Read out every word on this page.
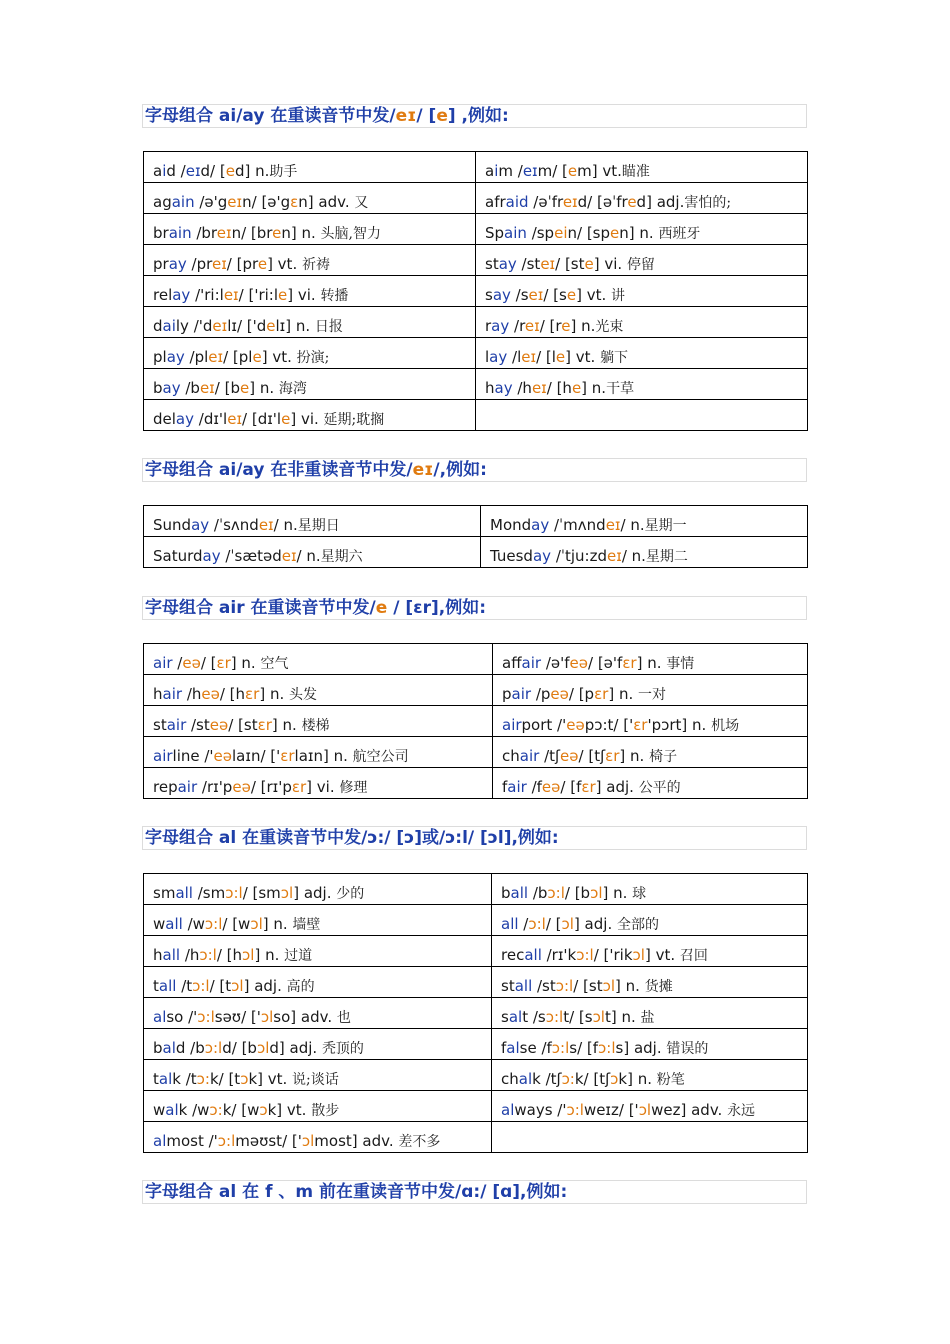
字母组合 ai/ay 在重读音节中发/eɪ/ [e] ,例如:
aid /eɪd/ [ed] n.助手	aim /eɪm/ [em] vt.瞄准
again /ə'geɪn/ [ə'gɛn] adv. 又	afraid /əˈfreɪd/ [əˈfred] adj.害怕的;
brain /breɪn/ [bren] n. 头脑,智力	Spain /spein/ [spen] n. 西班牙
pray /preɪ/ [pre] vt. 祈祷	stay /steɪ/ [ste] vi. 停留
relay /'ri:leɪ/ ['ri:le] vi. 转播	say /seɪ/ [se] vt. 讲
daily /'deɪlɪ/ ['delɪ] n. 日报	ray /reɪ/ [re] n.光束
play /pleɪ/ [ple] vt. 扮演;	lay /leɪ/ [le] vt. 躺下
bay /beɪ/ [be] n. 海湾	hay /heɪ/ [he] n.干草
delay /dɪ'leɪ/ [dɪ'le] vi. 延期;耽搁	
字母组合 ai/ay 在非重读音节中发/eɪ/,例如:
Sunday /ˈsʌndeɪ/ n.星期日	Monday /ˈmʌndeɪ/ n.星期一
Saturday /ˈsætədeɪ/ n.星期六	Tuesday /ˈtju:zdeɪ/ n.星期二
字母组合 air 在重读音节中发/e / [ɛr],例如:
air /eə/ [ɛr] n. 空气	affair /ə'feə/ [ə'fɛr] n. 事情
hair /heə/ [hɛr] n. 头发	pair /peə/ [pɛr] n. 一对
stair /steə/ [stɛr] n. 楼梯	airport /'eəpɔ:t/ ['ɛr'pɔrt] n. 机场
airline /'eəlaɪn/ ['ɛrlaɪn] n. 航空公司	chair /tʃeə/ [tʃɛr] n. 椅子
repair /rɪ'peə/ [rɪ'pɛr] vi. 修理	fair /feə/ [fɛr] adj. 公平的
字母组合 al 在重读音节中发/ɔ:/ [ɔ]或/ɔ:l/ [ɔl],例如:
small /smɔ:l/ [smɔl] adj. 少的	ball /bɔ:l/ [bɔl] n. 球
wall /wɔ:l/ [wɔl] n. 墙壁	all /ɔ:l/ [ɔl] adj. 全部的
hall /hɔ:l/ [hɔl] n. 过道	recall /rɪ'kɔ:l/ ['rikɔl] vt. 召回
tall /tɔ:l/ [tɔl] adj. 高的	stall /stɔ:l/ [stɔl] n. 货摊
also /'ɔ:lsəʊ/ ['ɔlso] adv. 也	salt /sɔ:lt/ [sɔlt] n. 盐
bald /bɔ:ld/ [bɔld] adj. 秃顶的	false /fɔ:ls/ [fɔ:ls] adj. 错误的
talk /tɔ:k/ [tɔk] vt. 说;谈话	chalk /tʃɔ:k/ [tʃɔk] n. 粉笔
walk /wɔ:k/ [wɔk] vt. 散步	always /'ɔ:lweɪz/ ['ɔlwez] adv. 永远
almost /'ɔ:lməʊst/ ['ɔlmost] adv. 差不多	
字母组合 al 在 f 、m 前在重读音节中发/ɑ:/ [ɑ],例如:
